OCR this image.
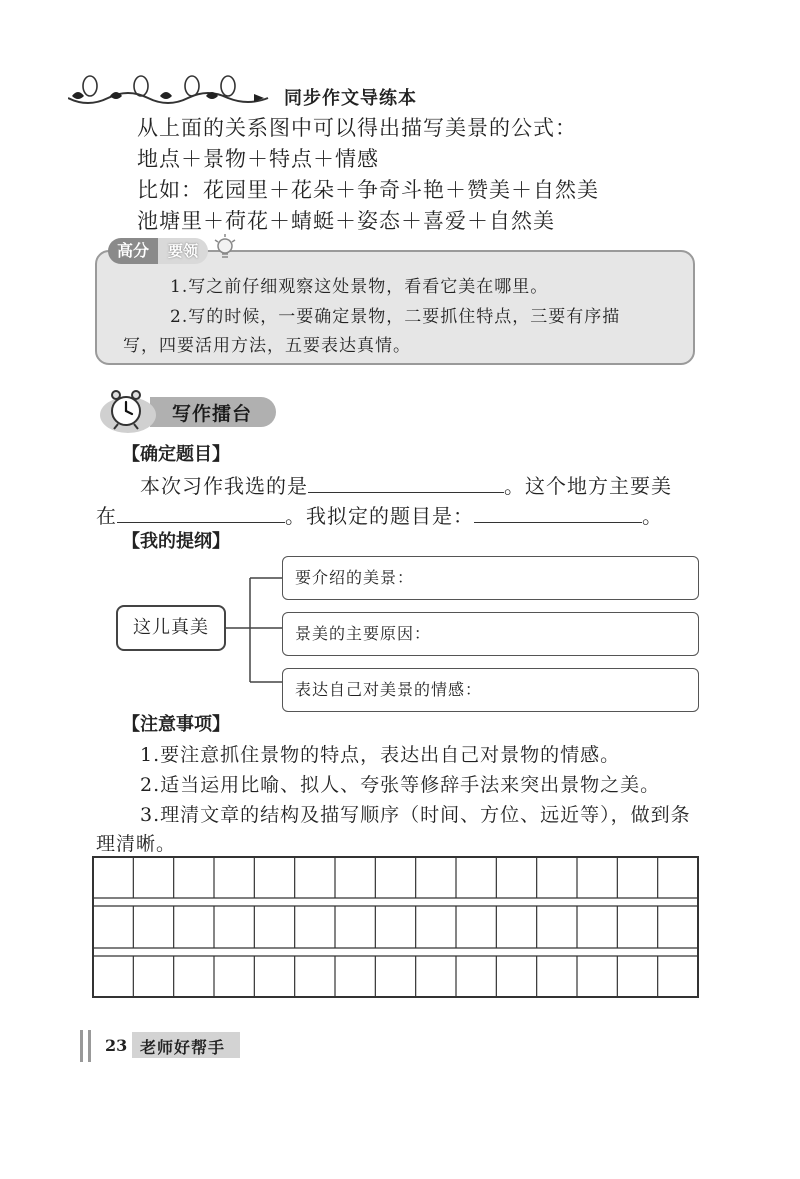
同步作文导练本
从上面的关系图中可以得出描写美景的公式：
地点＋景物＋特点＋情感
比如：花园里＋花朵＋争奇斗艳＋赞美＋自然美
池塘里＋荷花＋蜻蜓＋姿态＋喜爱＋自然美
高分	要领
1.写之前仔细观察这处景物，看看它美在哪里。
2.写的时候，一要确定景物，二要抓住特点，三要有序描
写，四要活用方法，五要表达真情。
写作擂台
【确定题目】
本次习作我选的是	。这个地方主要美
在	。我拟定的题目是：	。
【我的提纲】
这儿真美
要介绍的美景：
景美的主要原因：
表达自己对美景的情感：
【注意事项】
1.要注意抓住景物的特点，表达出自己对景物的情感。
2.适当运用比喻、拟人、夸张等修辞手法来突出景物之美。
3.理清文章的结构及描写顺序（时间、方位、远近等），做到条
理清晰。
23 老师好帮手
